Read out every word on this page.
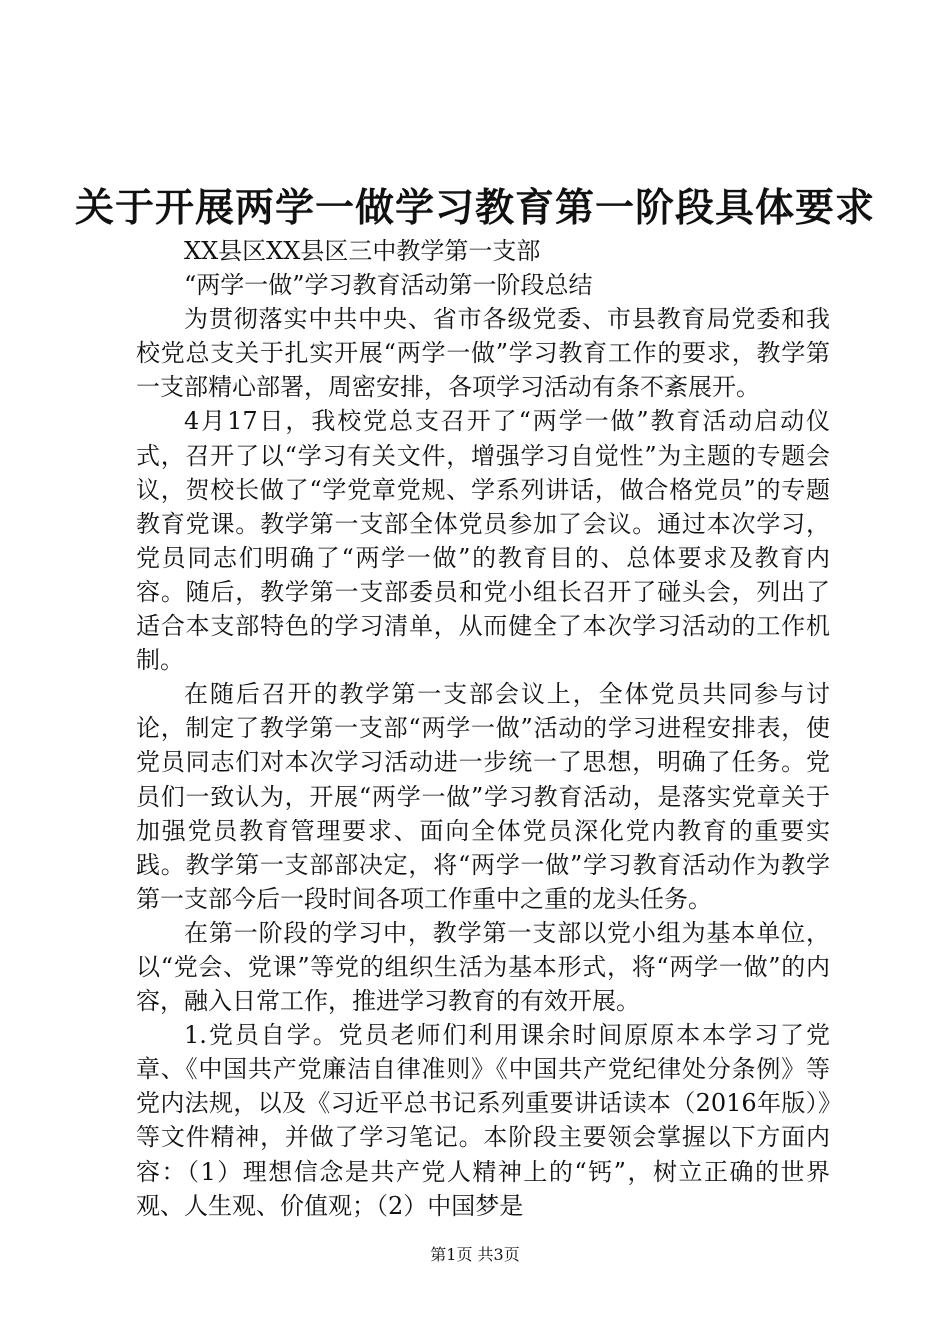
关于开展两学一做学习教育第一阶段具体要求

XX县区XX县区三中教学第一支部

“两学一做”学习教育活动第一阶段总结

为贯彻落实中共中央、省市各级党委、市县教育局党委和我校党总支关于扎实开展“两学一做”学习教育工作的要求，教学第一支部精心部署，周密安排，各项学习活动有条不紊展开。

4月17日，我校党总支召开了“两学一做”教育活动启动仪式，召开了以“学习有关文件，增强学习自觉性”为主题的专题会议，贺校长做了“学党章党规、学系列讲话，做合格党员”的专题教育党课。教学第一支部全体党员参加了会议。通过本次学习，党员同志们明确了“两学一做”的教育目的、总体要求及教育内容。随后，教学第一支部委员和党小组长召开了碰头会，列出了适合本支部特色的学习清单，从而健全了本次学习活动的工作机制。

在随后召开的教学第一支部会议上，全体党员共同参与讨论，制定了教学第一支部“两学一做”活动的学习进程安排表，使党员同志们对本次学习活动进一步统一了思想，明确了任务。党员们一致认为，开展“两学一做”学习教育活动，是落实党章关于加强党员教育管理要求、面向全体党员深化党内教育的重要实践。教学第一支部部决定，将“两学一做”学习教育活动作为教学第一支部今后一段时间各项工作重中之重的龙头任务。

在第一阶段的学习中，教学第一支部以党小组为基本单位，以“党会、党课”等党的组织生活为基本形式，将“两学一做”的内容，融入日常工作，推进学习教育的有效开展。

1.党员自学。党员老师们利用课余时间原原本本学习了党章、《中国共产党廉洁自律准则》《中国共产党纪律处分条例》等党内法规，以及《习近平总书记系列重要讲话读本（2016年版）》等文件精神，并做了学习笔记。本阶段主要领会掌握以下方面内容：（1）理想信念是共产党人精神上的“钙”，树立正确的世界观、人生观、价值观；（2）中国梦是

第1页 共3页
